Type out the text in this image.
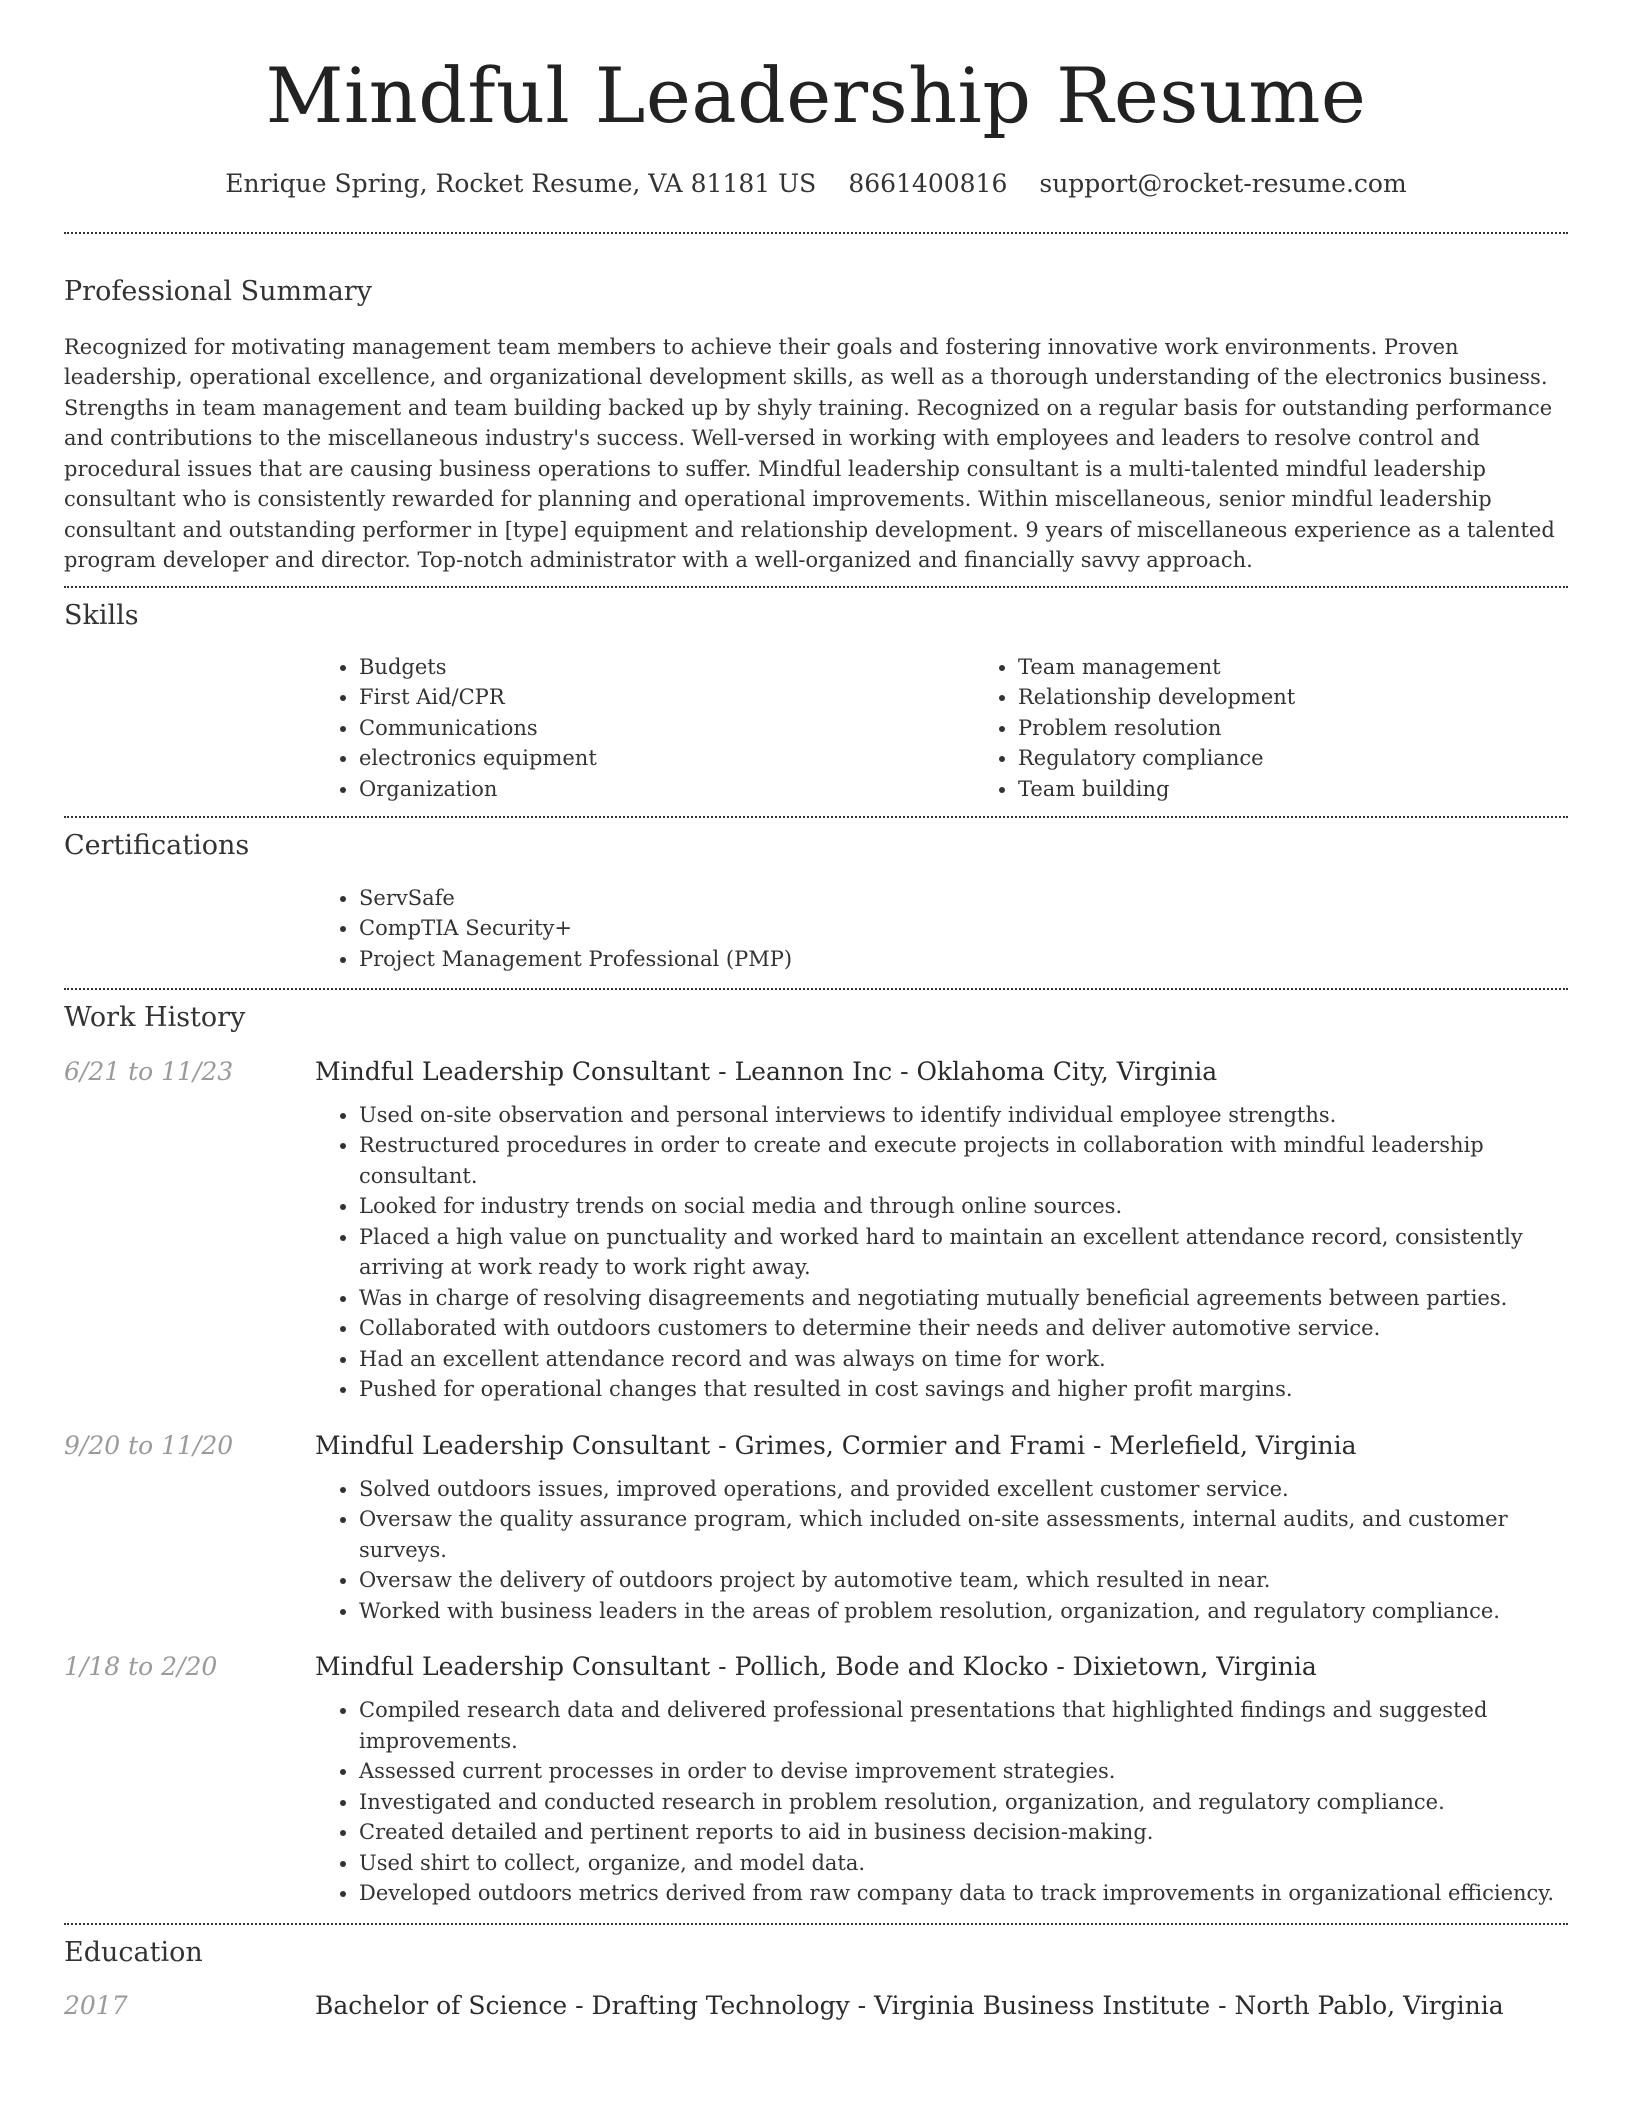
Mindful Leadership Resume
Enrique Spring, Rocket Resume, VA 81181 US 8661400816 support@rocket-resume.com
Professional Summary

Recognized for motivating management team members to achieve their goals and fostering innovative work environments. Proven leadership, operational excellence, and organizational development skills, as well as a thorough understanding of the electronics business. Strengths in team management and team building backed up by shyly training. Recognized on a regular basis for outstanding performance and contributions to the miscellaneous industry's success. Well-versed in working with employees and leaders to resolve control and procedural issues that are causing business operations to suffer. Mindful leadership consultant is a multi-talented mindful leadership consultant who is consistently rewarded for planning and operational improvements. Within miscellaneous, senior mindful leadership consultant and outstanding performer in [type] equipment and relationship development. 9 years of miscellaneous experience as a talented program developer and director. Top-notch administrator with a well-organized and financially savvy approach.

Skills
• Budgets
• First Aid/CPR
• Communications
• electronics equipment
• Organization
• Team management
• Relationship development
• Problem resolution
• Regulatory compliance
• Team building
Certifications
• ServSafe
• CompTIA Security+
• Project Management Professional (PMP)
Work History
6/21 to 11/23	Mindful Leadership Consultant - Leannon Inc - Oklahoma City, Virginia
• Used on-site observation and personal interviews to identify individual employee strengths.
• Restructured procedures in order to create and execute projects in collaboration with mindful leadership consultant.
• Looked for industry trends on social media and through online sources.
• Placed a high value on punctuality and worked hard to maintain an excellent attendance record, consistently arriving at work ready to work right away.
• Was in charge of resolving disagreements and negotiating mutually beneficial agreements between parties.
• Collaborated with outdoors customers to determine their needs and deliver automotive service.
• Had an excellent attendance record and was always on time for work.
• Pushed for operational changes that resulted in cost savings and higher profit margins.
9/20 to 11/20	Mindful Leadership Consultant - Grimes, Cormier and Frami - Merlefield, Virginia
• Solved outdoors issues, improved operations, and provided excellent customer service.
• Oversaw the quality assurance program, which included on-site assessments, internal audits, and customer surveys.
• Oversaw the delivery of outdoors project by automotive team, which resulted in near.
• Worked with business leaders in the areas of problem resolution, organization, and regulatory compliance.
1/18 to 2/20	Mindful Leadership Consultant - Pollich, Bode and Klocko - Dixietown, Virginia
• Compiled research data and delivered professional presentations that highlighted findings and suggested improvements.
• Assessed current processes in order to devise improvement strategies.
• Investigated and conducted research in problem resolution, organization, and regulatory compliance.
• Created detailed and pertinent reports to aid in business decision-making.
• Used shirt to collect, organize, and model data.
• Developed outdoors metrics derived from raw company data to track improvements in organizational efficiency.
Education
2017	Bachelor of Science - Drafting Technology - Virginia Business Institute - North Pablo, Virginia
